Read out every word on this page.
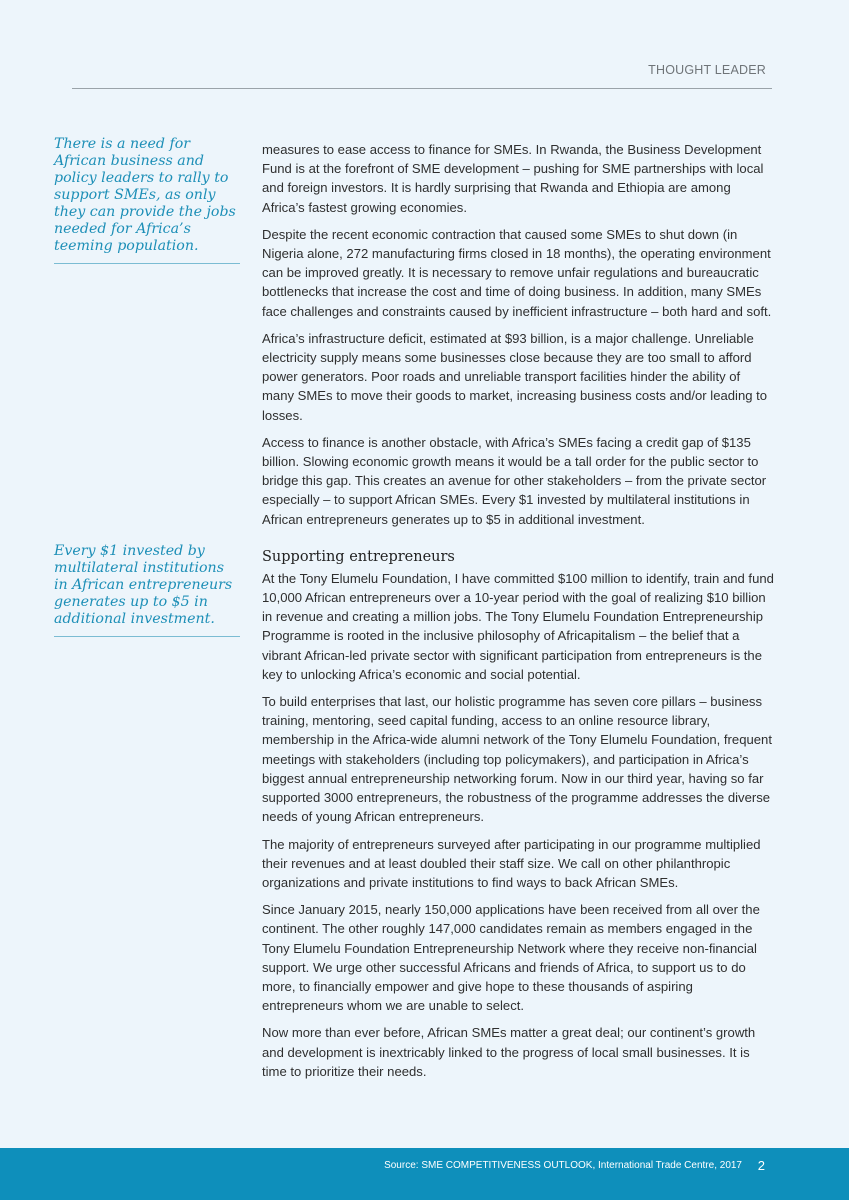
THOUGHT LEADER
There is a need for African business and policy leaders to rally to support SMEs, as only they can provide the jobs needed for Africa’s teeming population.
Every $1 invested by multilateral institutions in African entrepreneurs generates up to $5 in additional investment.

measures to ease access to finance for SMEs. In Rwanda, the Business Development Fund is at the forefront of SME development – pushing for SME partnerships with local and foreign investors. It is hardly surprising that Rwanda and Ethiopia are among Africa’s fastest growing economies.

Despite the recent economic contraction that caused some SMEs to shut down (in Nigeria alone, 272 manufacturing firms closed in 18 months), the operating environment can be improved greatly. It is necessary to remove unfair regulations and bureaucratic bottlenecks that increase the cost and time of doing business. In addition, many SMEs face challenges and constraints caused by inefficient infrastructure – both hard and soft.

Africa’s infrastructure deficit, estimated at $93 billion, is a major challenge. Unreliable electricity supply means some businesses close because they are too small to afford power generators. Poor roads and unreliable transport facilities hinder the ability of many SMEs to move their goods to market, increasing business costs and/or leading to losses.

Access to finance is another obstacle, with Africa’s SMEs facing a credit gap of $135 billion. Slowing economic growth means it would be a tall order for the public sector to bridge this gap. This creates an avenue for other stakeholders – from the private sector especially – to support African SMEs. Every $1 invested by multilateral institutions in African entrepreneurs generates up to $5 in additional investment.

Supporting entrepreneurs

At the Tony Elumelu Foundation, I have committed $100 million to identify, train and fund 10,000 African entrepreneurs over a 10-year period with the goal of realizing $10 billion in revenue and creating a million jobs. The Tony Elumelu Foundation Entrepreneurship Programme is rooted in the inclusive philosophy of Africapitalism – the belief that a vibrant African-led private sector with significant participation from entrepreneurs is the key to unlocking Africa’s economic and social potential.

To build enterprises that last, our holistic programme has seven core pillars – business training, mentoring, seed capital funding, access to an online resource library, membership in the Africa-wide alumni network of the Tony Elumelu Foundation, frequent meetings with stakeholders (including top policymakers), and participation in Africa’s biggest annual entrepreneurship networking forum. Now in our third year, having so far supported 3000 entrepreneurs, the robustness of the programme addresses the diverse needs of young African entrepreneurs.

The majority of entrepreneurs surveyed after participating in our programme multiplied their revenues and at least doubled their staff size. We call on other philanthropic organizations and private institutions to find ways to back African SMEs.

Since January 2015, nearly 150,000 applications have been received from all over the continent. The other roughly 147,000 candidates remain as members engaged in the Tony Elumelu Foundation Entrepreneurship Network where they receive non-financial support. We urge other successful Africans and friends of Africa, to support us to do more, to financially empower and give hope to these thousands of aspiring entrepreneurs whom we are unable to select.

Now more than ever before, African SMEs matter a great deal; our continent’s growth and development is inextricably linked to the progress of local small businesses. It is time to prioritize their needs.

Source: SME COMPETITIVENESS OUTLOOK, International Trade Centre, 2017 2
